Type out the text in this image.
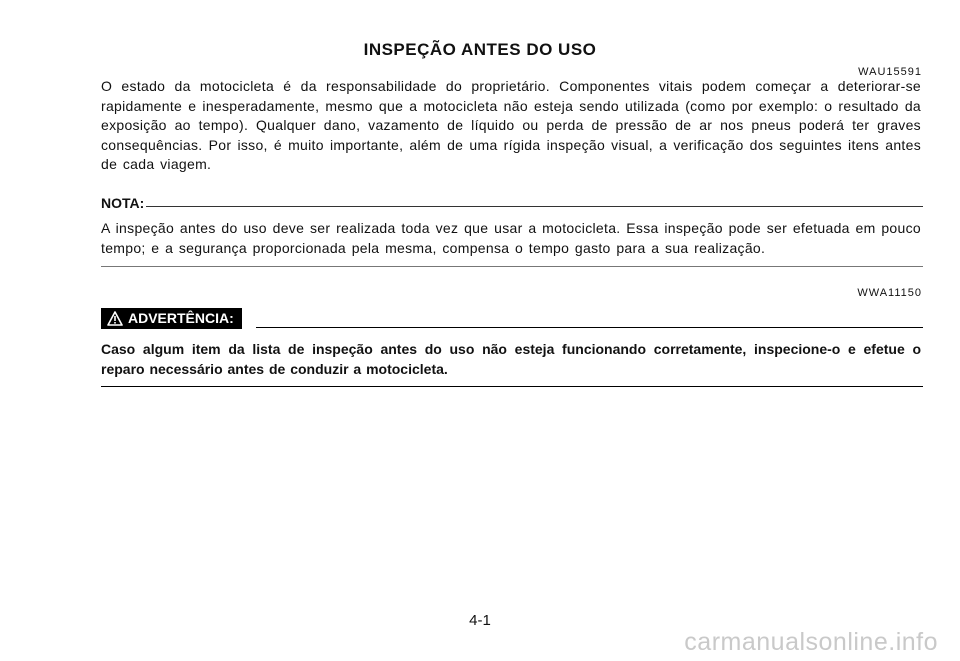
INSPEÇÃO ANTES DO USO
WAU15591
O estado da motocicleta é da responsabilidade do proprietário. Componentes vitais podem começar a deteriorar-se rapidamente e inesperadamente, mesmo que a motocicleta não esteja sendo utilizada (como por exemplo: o resultado da exposição ao tempo). Qualquer dano, vazamento de líquido ou perda de pressão de ar nos pneus poderá ter graves consequências. Por isso, é muito importante, além de uma rígida inspeção visual, a verificação dos seguintes itens antes de cada viagem.
NOTA:
A inspeção antes do uso deve ser realizada toda vez que usar a motocicleta. Essa inspeção pode ser efetuada em pouco tempo; e a segurança proporcionada pela mesma, compensa o tempo gasto para a sua realização.
WWA11150
ADVERTÊNCIA:
Caso algum item da lista de inspeção antes do uso não esteja funcionando corretamente, inspecione-o e efetue o reparo necessário antes de conduzir a motocicleta.
4-1
carmanualsonline.info
